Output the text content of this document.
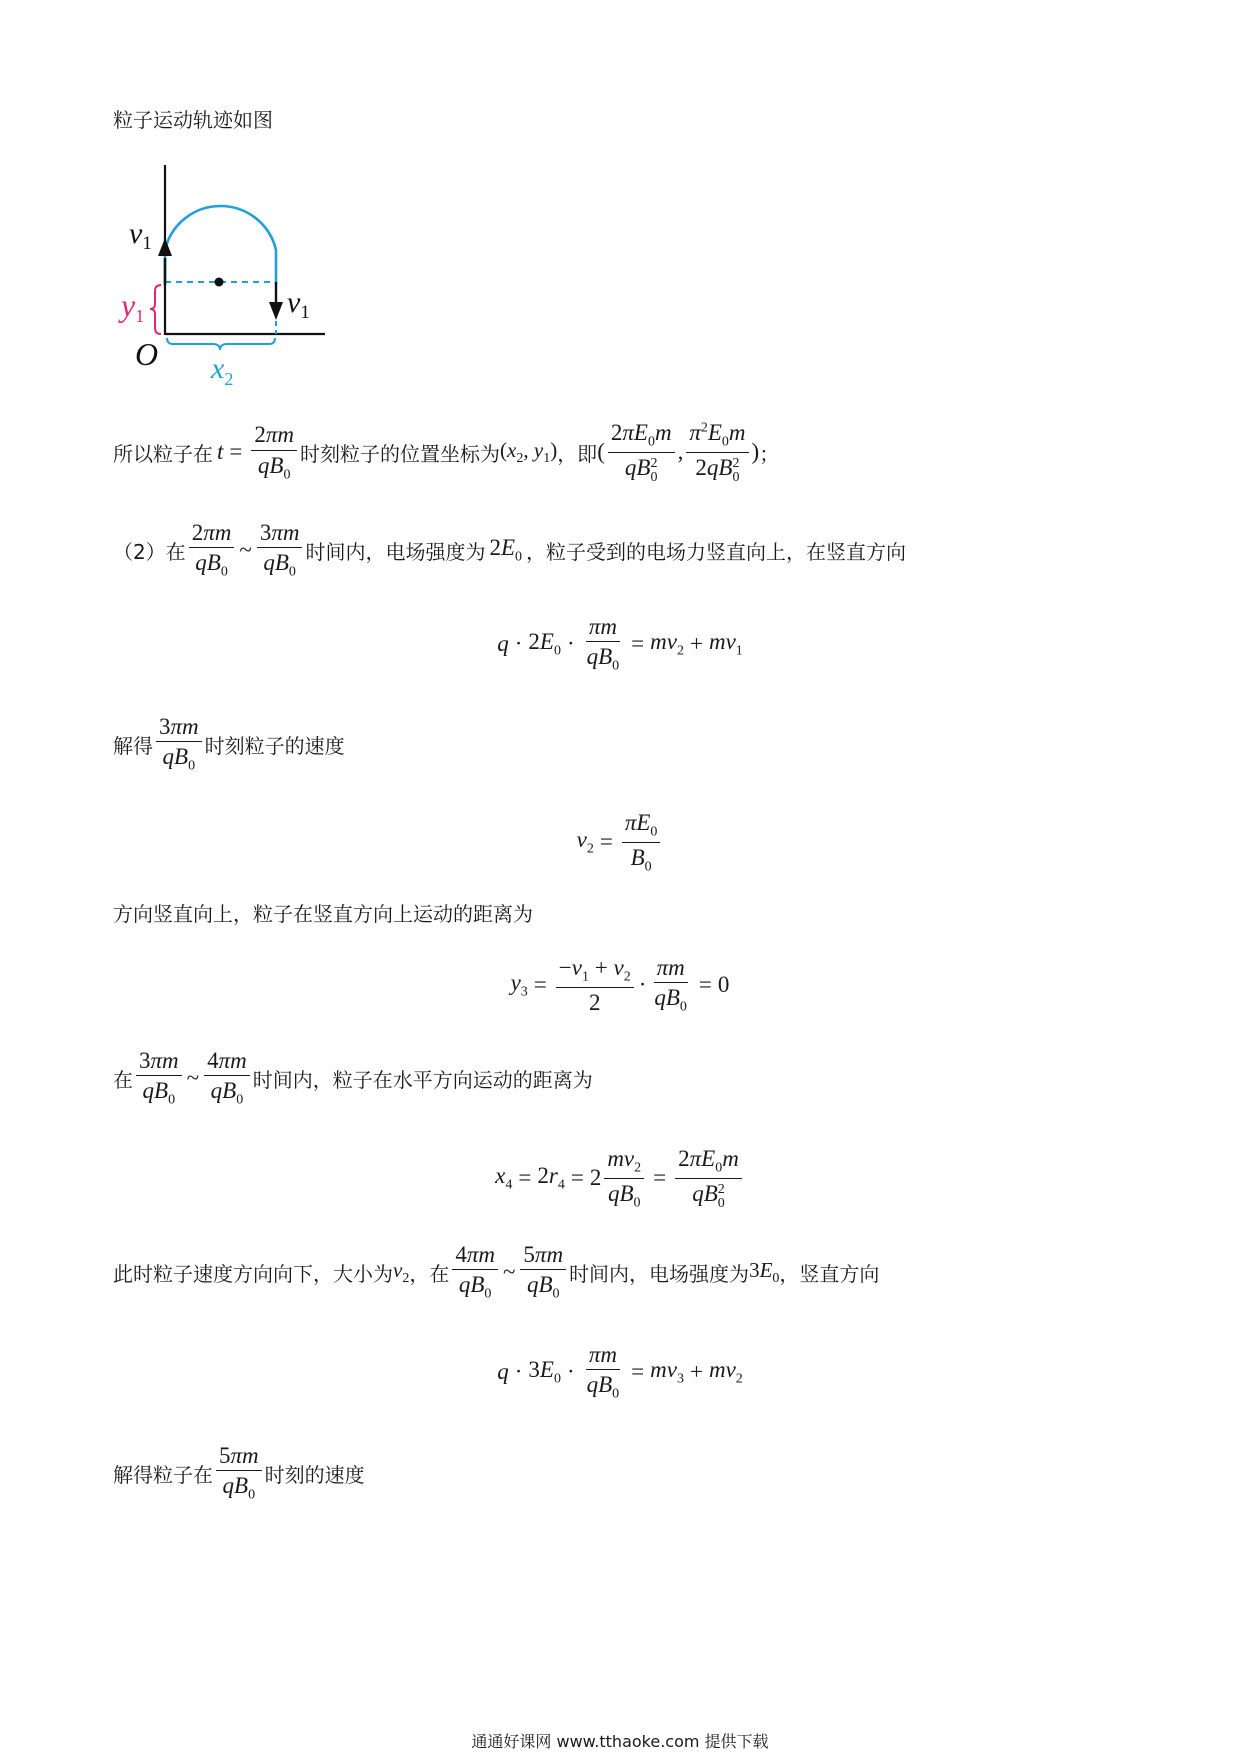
粒子运动轨迹如图
$v_1$
$v_1$
y1
O $x_2$
所以粒子在 $t = \frac{2\pi m}{qB_0}$ 时刻粒子的位置坐标为 ($x_2$, $y_1$) ，即 ( $\frac{2\pi E_0m}{qB_{20}}$ , $\frac{\pi^2E_0m}{2qB_{20}}$ ) ；
（2）在 $\frac{2\pi m}{qB_0}$ ~ $\frac{3\pi m}{qB_0}$ 时间内，电场强度为 $2E_0$ ，粒子受到的电场力竖直向上，在竖直方向
$q \cdot 2E_0 \cdot \frac{\pi m}{qB_0} = mv_2 + mv_1$
解得 $\frac{3\pi m}{qB_0}$ 时刻粒子的速度
$v_2 = \frac{\pi E_0}{B_0}$
方向竖直向上，粒子在竖直方向上运动的距离为
$y_3 = \frac{-v_1 + v_2}{2} \cdot \frac{\pi m}{qB_0} = 0$
在 $\frac{3\pi m}{qB_0}$ ~ $\frac{4\pi m}{qB_0}$ 时间内，粒子在水平方向运动的距离为
$x_4 = 2r_4 = 2 \frac{mv_2}{qB_0} = \frac{2\pi E_0m}{qB_{20}}$
此时粒子速度方向向下，大小为 $v_2$ ，在 $\frac{4\pi m}{qB_0}$ ~ $\frac{5\pi m}{qB_0}$ 时间内，电场强度为 $3E_0$ ，竖直方向
$q \cdot 3E_0 \cdot \frac{\pi m}{qB_0} = mv_3 + mv_2$
解得粒子在 $\frac{5\pi m}{qB_0}$ 时刻的速度
通通好课网 www.tthaoke.com 提供下载
